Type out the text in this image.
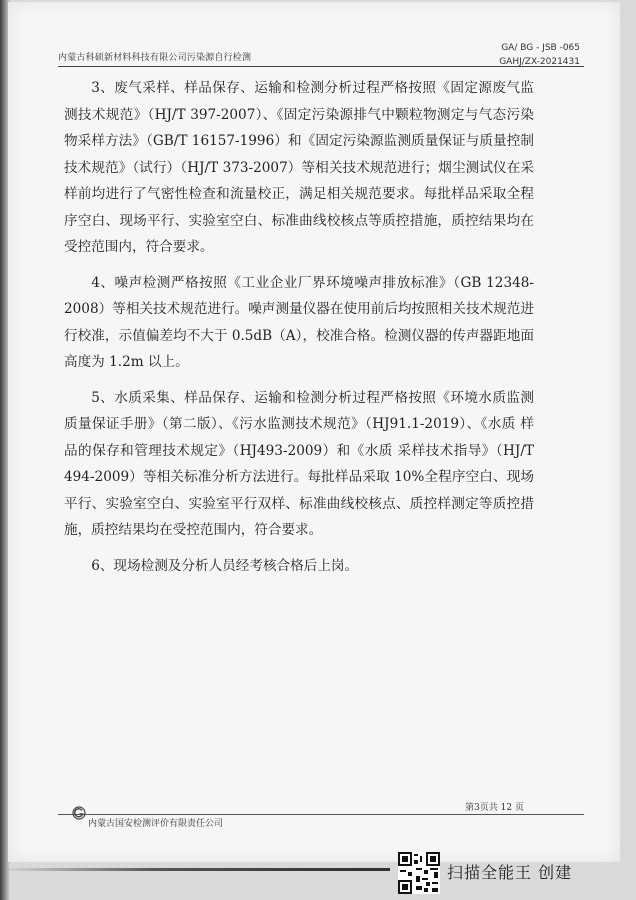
内蒙古科硕新材料科技有限公司污染源自行检测
GA/ BG - JSB -065
GAHJ/ZX-2021431

3、废气采样、样品保存、运输和检测分析过程严格按照《固定源废气监测技术规范》（HJ/T 397-2007）、《固定污染源排气中颗粒物测定与气态污染物采样方法》（GB/T 16157-1996）和《固定污染源监测质量保证与质量控制技术规范》（试行）（HJ/T 373-2007）等相关技术规范进行；烟尘测试仪在采样前均进行了气密性检查和流量校正，满足相关规范要求。每批样品采取全程序空白、现场平行、实验室空白、标准曲线校核点等质控措施，质控结果均在受控范围内，符合要求。

4、噪声检测严格按照《工业企业厂界环境噪声排放标准》（GB 12348-2008）等相关技术规范进行。噪声测量仪器在使用前后均按照相关技术规范进行校准，示值偏差均不大于 0.5dB（A），校准合格。检测仪器的传声器距地面高度为 1.2m 以上。

5、水质采集、样品保存、运输和检测分析过程严格按照《环境水质监测质量保证手册》（第二版）、《污水监测技术规范》（HJ91.1-2019）、《水质 样品的保存和管理技术规定》（HJ493-2009）和《水质 采样技术指导》（HJ/T 494-2009）等相关标准分析方法进行。每批样品采取 10%全程序空白、现场平行、实验室空白、实验室平行双样、标准曲线校核点、质控样测定等质控措施，质控结果均在受控范围内，符合要求。

6、现场检测及分析人员经考核合格后上岗。

第3页共 12 页
内蒙古国安检测评价有限责任公司
扫描全能王 创建
